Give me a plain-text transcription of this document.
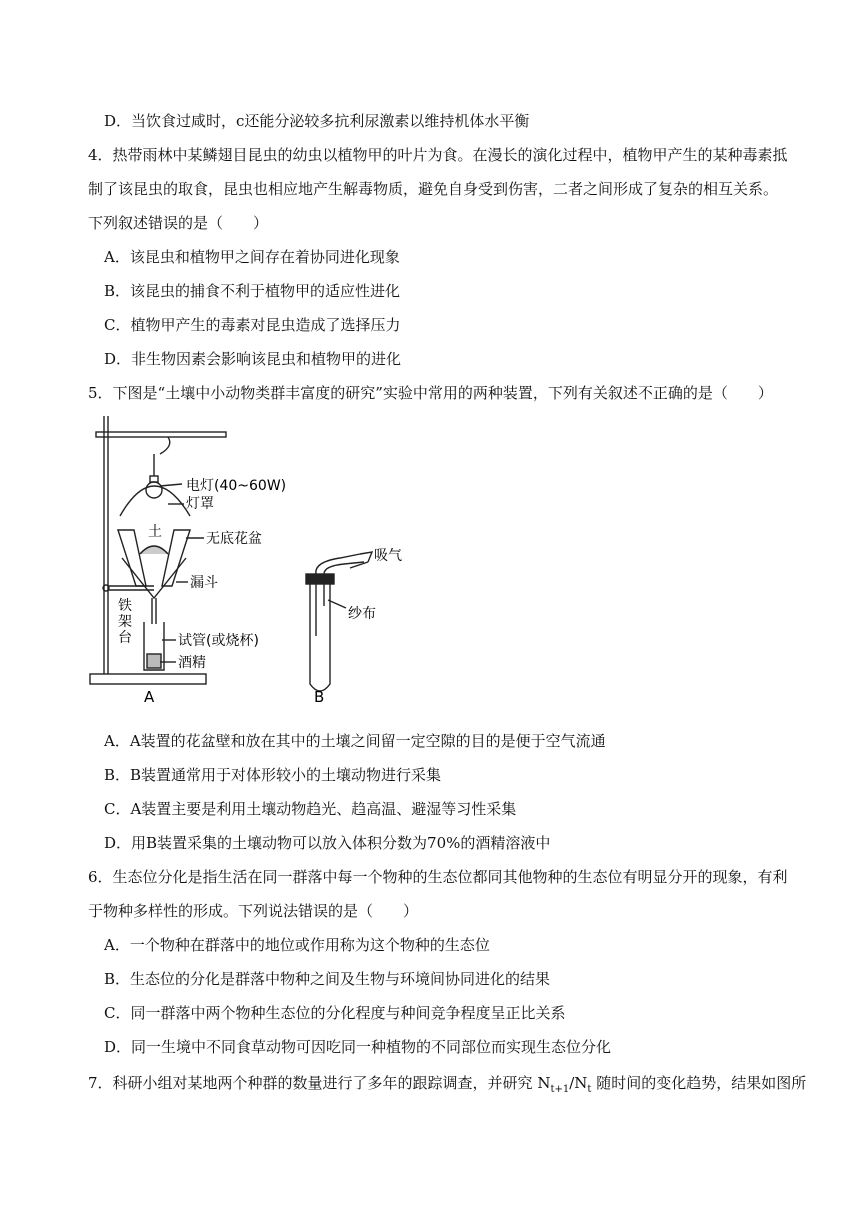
D．当饮食过咸时，c还能分泌较多抗利尿激素以维持机体水平衡
4．热带雨林中某鳞翅目昆虫的幼虫以植物甲的叶片为食。在漫长的演化过程中，植物甲产生的某种毒素抵
制了该昆虫的取食，昆虫也相应地产生解毒物质，避免自身受到伤害，二者之间形成了复杂的相互关系。
下列叙述错误的是（　　）
A．该昆虫和植物甲之间存在着协同进化现象
B．该昆虫的捕食不利于植物甲的适应性进化
C．植物甲产生的毒素对昆虫造成了选择压力
D．非生物因素会影响该昆虫和植物甲的进化
5．下图是“土壤中小动物类群丰富度的研究”实验中常用的两种装置，下列有关叙述不正确的是（　　）
电灯(40~60W)
灯罩
土	无底花盆
漏斗
铁
架
台	试管(或烧杯)
酒精
A
吸气
纱布
B
A．A装置的花盆壁和放在其中的土壤之间留一定空隙的目的是便于空气流通
B．B装置通常用于对体形较小的土壤动物进行采集
C．A装置主要是利用土壤动物趋光、趋高温、避湿等习性采集
D．用B装置采集的土壤动物可以放入体积分数为70%的酒精溶液中
6．生态位分化是指生活在同一群落中每一个物种的生态位都同其他物种的生态位有明显分开的现象，有利
于物种多样性的形成。下列说法错误的是（　　）
A．一个物种在群落中的地位或作用称为这个物种的生态位
B．生态位的分化是群落中物种之间及生物与环境间协同进化的结果
C．同一群落中两个物种生态位的分化程度与种间竞争程度呈正比关系
D．同一生境中不同食草动物可因吃同一种植物的不同部位而实现生态位分化
7．科研小组对某地两个种群的数量进行了多年的跟踪调查，并研究 $N_{t+1}/N_t$ 随时间的变化趋势，结果如图所
